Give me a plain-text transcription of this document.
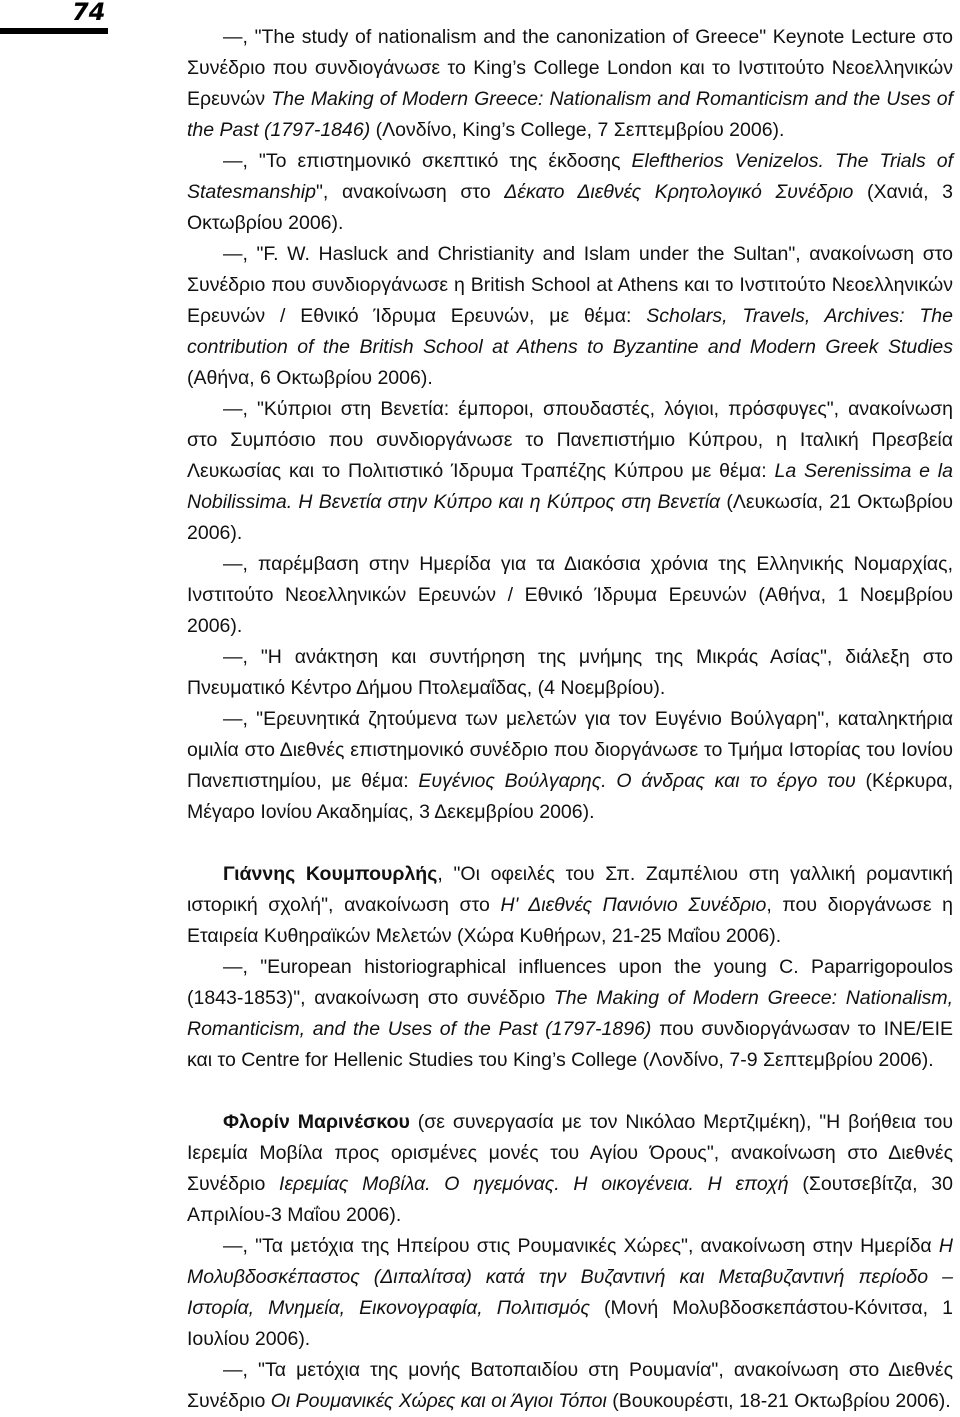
74

—, "The study of nationalism and the canonization of Greece" Keynote Lecture στο Συνέδριο που συνδιογάνωσε το King’s College London και το Ινστιτούτο Νεοελληνικών Ερευνών The Making of Modern Greece: Nationalism and Romanticism and the Uses of the Past (1797-1846) (Λονδίνο, King’s College, 7 Σεπτεμβρίου 2006).

—, "Το επιστημονικό σκεπτικό της έκδοσης Eleftherios Venizelos. The Trials of Statesmanship", ανακοίνωση στο Δέκατο Διεθνές Κρητολογικό Συνέδριο (Χανιά, 3 Οκτωβρίου 2006).

—, "F. W. Hasluck and Christianity and Islam under the Sultan", ανακοίνωση στο Συνέδριο που συνδιοργάνωσε η British School at Athens και το Ινστιτούτο Νεοελληνικών Ερευνών / Εθνικό Ίδρυμα Ερευνών, με θέμα: Scholars, Travels, Archives: The contribution of the British School at Athens to Byzantine and Modern Greek Studies (Αθήνα, 6 Οκτωβρίου 2006).

—, "Κύπριοι στη Βενετία: έμποροι, σπουδαστές, λόγιοι, πρόσφυγες", ανακοίνωση στο Συμπόσιο που συνδιοργάνωσε το Πανεπιστήμιο Κύπρου, η Ιταλική Πρεσβεία Λευκωσίας και το Πολιτιστικό Ίδρυμα Τραπέζης Κύπρου με θέμα: La Serenissima e la Nobilissima. Η Βενετία στην Κύπρο και η Κύπρος στη Βενετία (Λευκωσία, 21 Οκτωβρίου 2006).

—, παρέμβαση στην Ημερίδα για τα Διακόσια χρόνια της Ελληνικής Νομαρχίας, Ινστιτούτο Νεοελληνικών Ερευνών / Εθνικό Ίδρυμα Ερευνών (Αθήνα, 1 Νοεμβρίου 2006).

—, "Η ανάκτηση και συντήρηση της μνήμης της Μικράς Ασίας", διάλεξη στο Πνευματικό Κέντρο Δήμου Πτολεμαΐδας, (4 Νοεμβρίου).

—, "Ερευνητικά ζητούμενα των μελετών για τον Ευγένιο Βούλγαρη", καταληκτήρια ομιλία στο Διεθνές επιστημονικό συνέδριο που διοργάνωσε το Τμήμα Ιστορίας του Ιονίου Πανεπιστημίου, με θέμα: Ευγένιος Βούλγαρης. Ο άνδρας και το έργο του (Κέρκυρα, Μέγαρο Ιονίου Ακαδημίας, 3 Δεκεμβρίου 2006).

Γιάννης Κουμπουρλής, "Οι οφειλές του Σπ. Ζαμπέλιου στη γαλλική ρομαντική ιστορική σχολή", ανακοίνωση στο Η' Διεθνές Πανιόνιο Συνέδριο, που διοργάνωσε η Εταιρεία Κυθηραϊκών Μελετών (Χώρα Κυθήρων, 21-25 Μαΐου 2006).

—, "European historiographical influences upon the young C. Paparrigopoulos (1843-1853)", ανακοίνωση στο συνέδριο The Making of Modern Greece: Nationalism, Romanticism, and the Uses of the Past (1797-1896) που συνδιοργάνωσαν το ΙΝΕ/ΕΙΕ και το Centre for Hellenic Studies του King’s College (Λονδίνο, 7-9 Σεπτεμβρίου 2006).

Φλορίν Μαρινέσκου (σε συνεργασία με τον Νικόλαο Μερτζιμέκη), "Η βοήθεια του Ιερεμία Μοβίλα προς ορισμένες μονές του Αγίου Όρους", ανακοίνωση στο Διεθνές Συνέδριο Ιερεμίας Μοβίλα. Ο ηγεμόνας. Η οικογένεια. Η εποχή (Σουτσεβίτζα, 30 Απριλίου-3 Μαΐου 2006).

—, "Τα μετόχια της Ηπείρου στις Ρουμανικές Χώρες", ανακοίνωση στην Ημερίδα Η Μολυβδοσκέπαστος (Διπαλίτσα) κατά την Βυζαντινή και Μεταβυζαντινή περίοδο – Ιστορία, Μνημεία, Εικονογραφία, Πολιτισμός (Μονή Μολυβδοσκεπάστου-Κόνιτσα, 1 Ιουλίου 2006).

—, "Τα μετόχια της μονής Βατοπαιδίου στη Ρουμανία", ανακοίνωση στο Διεθνές Συνέδριο Οι Ρουμανικές Χώρες και οι Άγιοι Τόποι (Βουκουρέστι, 18-21 Οκτωβρίου 2006).
